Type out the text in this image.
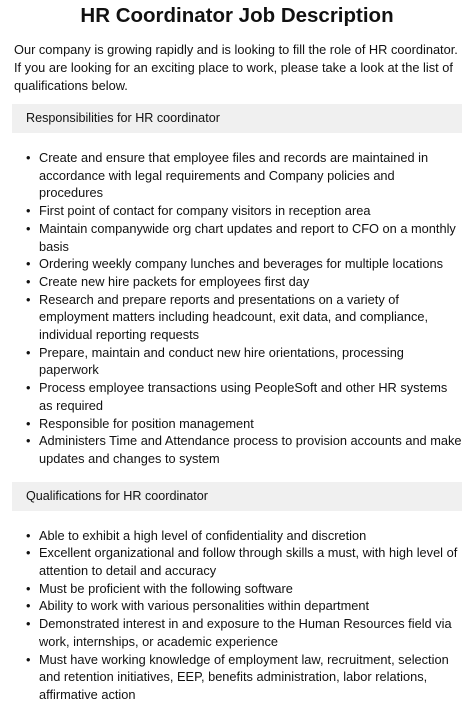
HR Coordinator Job Description

Our company is growing rapidly and is looking to fill the role of HR coordinator. If you are looking for an exciting place to work, please take a look at the list of qualifications below.

Responsibilities for HR coordinator
• Create and ensure that employee files and records are maintained in accordance with legal requirements and Company policies and procedures
• First point of contact for company visitors in reception area
• Maintain companywide org chart updates and report to CFO on a monthly basis
• Ordering weekly company lunches and beverages for multiple locations
• Create new hire packets for employees first day
• Research and prepare reports and presentations on a variety of employment matters including headcount, exit data, and compliance, individual reporting requests
• Prepare, maintain and conduct new hire orientations, processing paperwork
• Process employee transactions using PeopleSoft and other HR systems as required
• Responsible for position management
• Administers Time and Attendance process to provision accounts and make updates and changes to system
Qualifications for HR coordinator
• Able to exhibit a high level of confidentiality and discretion
• Excellent organizational and follow through skills a must, with high level of attention to detail and accuracy
• Must be proficient with the following software
• Ability to work with various personalities within department
• Demonstrated interest in and exposure to the Human Resources field via work, internships, or academic experience
• Must have working knowledge of employment law, recruitment, selection and retention initiatives, EEP, benefits administration, labor relations, affirmative action
